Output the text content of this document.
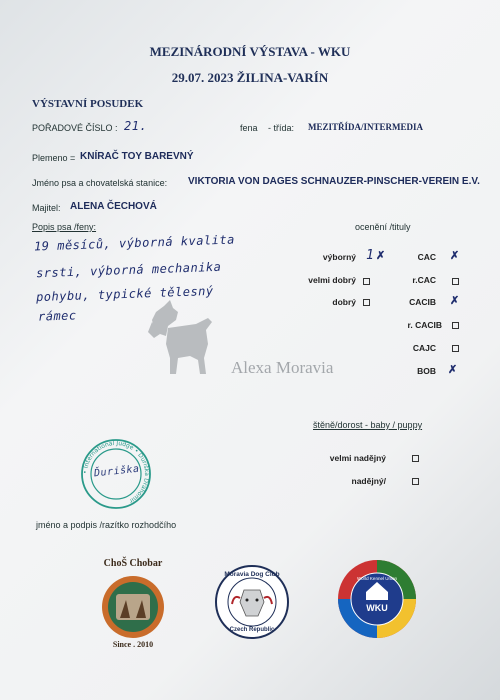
MEZINÁRODNÍ VÝSTAVA - WKU
29.07. 2023 ŽILINA-VARÍN
VÝSTAVNÍ POSUDEK
POŘADOVÉ ČÍSLO : 21.	fena - třída: MEZITŘÍDA/INTERMEDIA
Plemeno = KNÍRAČ TOY BAREVNÝ
Jméno psa a chovatelská stanice: VIKTORIA VON DAGES SCHNAUZER-PINSCHER-VEREIN E.V.
Majitel: ALENA ČECHOVÁ
Popis psa /feny:
19 měsíců, výborná kvalita
srsti, výborná mechanika
pohybu, typické tělesný
rámec
Alexa Moravia
ocenění /tituly
výborný 1 ✗
velmi dobrý
dobrý
CAC ✗
r.CAC
CACIB ✗
r. CACIB
CAJC
BOB ✗
štěně/dorost - baby / puppy
velmi nadějný
nadějný/
• International Judge • Ďuriška Drahomír
Ďuriška
jméno a podpis /razítko rozhodčího
ChoŠ Chobar
Since . 2010
Moravia Dog Club
Czech Republic
WKU
World Kennel Union
